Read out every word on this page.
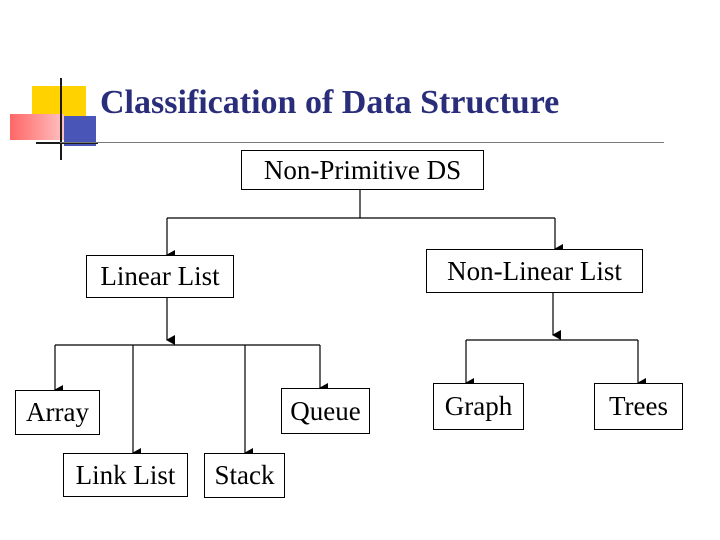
Classification of Data Structure
Non-Primitive DS
Linear List	Non-Linear List
Array
Link List	Stack
Queue	Graph	Trees
